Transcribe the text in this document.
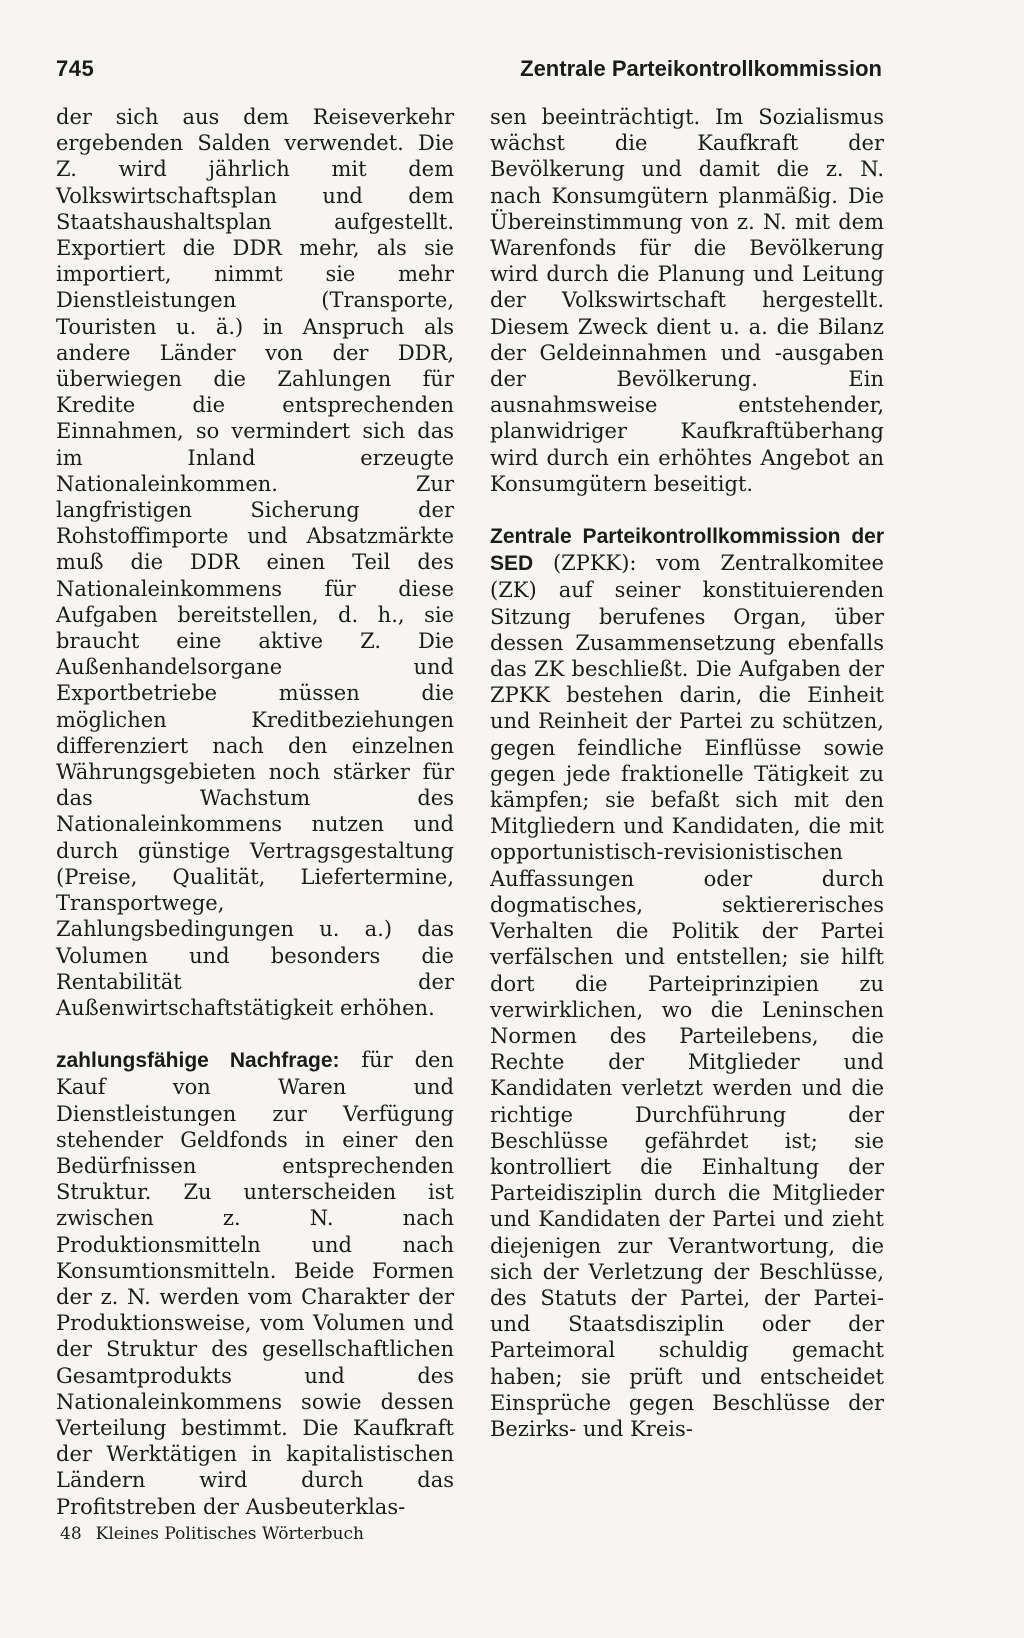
745	Zentrale Parteikontrollkommission

der sich aus dem Reiseverkehr ergebenden Salden verwendet. Die Z. wird jährlich mit dem Volkswirtschaftsplan und dem Staatshaushaltsplan aufgestellt. Exportiert die DDR mehr, als sie importiert, nimmt sie mehr Dienstleistungen (Transporte, Touristen u. ä.) in Anspruch als andere Länder von der DDR, überwiegen die Zahlungen für Kredite die entsprechenden Einnahmen, so vermindert sich das im Inland erzeugte Nationaleinkommen. Zur langfristigen Sicherung der Rohstoffimporte und Absatzmärkte muß die DDR einen Teil des Nationaleinkommens für diese Aufgaben bereitstellen, d. h., sie braucht eine aktive Z. Die Außenhandelsorgane und Exportbetriebe müssen die möglichen Kreditbeziehungen differenziert nach den einzelnen Währungsgebieten noch stärker für das Wachstum des Nationaleinkommens nutzen und durch günstige Vertragsgestaltung (Preise, Qualität, Liefertermine, Transportwege, Zahlungsbedingungen u. a.) das Volumen und besonders die Rentabilität der Außenwirtschaftstätigkeit erhöhen.

zahlungsfähige Nachfrage: für den Kauf von Waren und Dienstleistungen zur Verfügung stehender Geldfonds in einer den Bedürfnissen entsprechenden Struktur. Zu unterscheiden ist zwischen z. N. nach Produktionsmitteln und nach Konsumtionsmitteln. Beide Formen der z. N. werden vom Charakter der Produktionsweise, vom Volumen und der Struktur des gesellschaftlichen Gesamtprodukts und des Nationaleinkommens sowie dessen Verteilung bestimmt. Die Kaufkraft der Werktätigen in kapitalistischen Ländern wird durch das Profitstreben der Ausbeuterklas-

sen beeinträchtigt. Im Sozialismus wächst die Kaufkraft der Bevölkerung und damit die z. N. nach Konsumgütern planmäßig. Die Übereinstimmung von z. N. mit dem Warenfonds für die Bevölkerung wird durch die Planung und Leitung der Volkswirtschaft hergestellt. Diesem Zweck dient u. a. die Bilanz der Geldeinnahmen und -ausgaben der Bevölkerung. Ein ausnahmsweise entstehender, planwidriger Kaufkraftüberhang wird durch ein erhöhtes Angebot an Konsumgütern beseitigt.

Zentrale Parteikontrollkommission der SED (ZPKK): vom Zentralkomitee (ZK) auf seiner konstituierenden Sitzung berufenes Organ, über dessen Zusammensetzung ebenfalls das ZK beschließt. Die Aufgaben der ZPKK bestehen darin, die Einheit und Reinheit der Partei zu schützen, gegen feindliche Einflüsse sowie gegen jede fraktionelle Tätigkeit zu kämpfen; sie befaßt sich mit den Mitgliedern und Kandidaten, die mit opportunistisch-revisionistischen Auffassungen oder durch dogmatisches, sektiererisches Verhalten die Politik der Partei verfälschen und entstellen; sie hilft dort die Parteiprinzipien zu verwirklichen, wo die Leninschen Normen des Parteilebens, die Rechte der Mitglieder und Kandidaten verletzt werden und die richtige Durchführung der Beschlüsse gefährdet ist; sie kontrolliert die Einhaltung der Parteidisziplin durch die Mitglieder und Kandidaten der Partei und zieht diejenigen zur Verantwortung, die sich der Verletzung der Beschlüsse, des Statuts der Partei, der Partei- und Staatsdisziplin oder der Parteimoral schuldig gemacht haben; sie prüft und entscheidet Einsprüche gegen Beschlüsse der Bezirks- und Kreis-

48 Kleines Politisches Wörterbuch
